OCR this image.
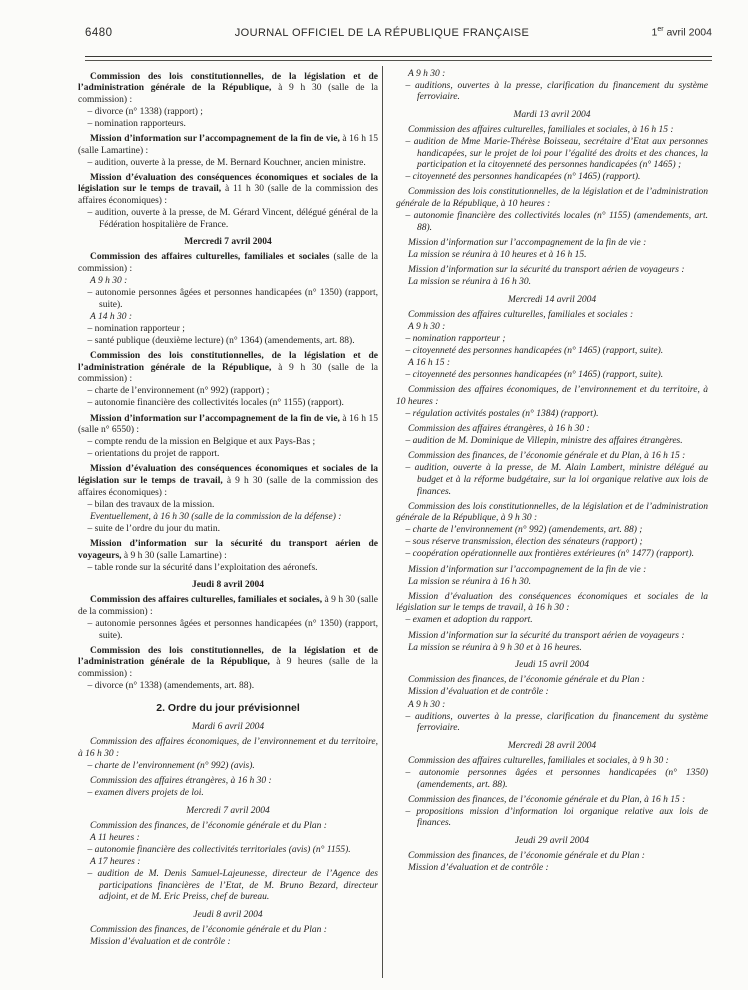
6480	JOURNAL OFFICIEL DE LA RÉPUBLIQUE FRANÇAISE	1er avril 2004

Commission des lois constitutionnelles, de la législation et de l’administration générale de la République, à 9 h 30 (salle de la commission) :

– divorce (n° 1338) (rapport) ;

– nomination rapporteurs.

Mission d’information sur l’accompagnement de la fin de vie, à 16 h 15 (salle Lamartine) :

– audition, ouverte à la presse, de M. Bernard Kouchner, ancien ministre.

Mission d’évaluation des conséquences économiques et sociales de la législation sur le temps de travail, à 11 h 30 (salle de la commission des affaires économiques) :

– audition, ouverte à la presse, de M. Gérard Vincent, délégué général de la Fédération hospitalière de France.

Mercredi 7 avril 2004

Commission des affaires culturelles, familiales et sociales (salle de la commission) :

A 9 h 30 :

– autonomie personnes âgées et personnes handicapées (n° 1350) (rapport, suite).

A 14 h 30 :

– nomination rapporteur ;

– santé publique (deuxième lecture) (n° 1364) (amendements, art. 88).

Commission des lois constitutionnelles, de la législation et de l’administration générale de la République, à 9 h 30 (salle de la commission) :

– charte de l’environnement (n° 992) (rapport) ;

– autonomie financière des collectivités locales (n° 1155) (rapport).

Mission d’information sur l’accompagnement de la fin de vie, à 16 h 15 (salle n° 6550) :

– compte rendu de la mission en Belgique et aux Pays-Bas ;

– orientations du projet de rapport.

Mission d’évaluation des conséquences économiques et sociales de la législation sur le temps de travail, à 9 h 30 (salle de la commission des affaires économiques) :

– bilan des travaux de la mission.

Eventuellement, à 16 h 30 (salle de la commission de la défense) :

– suite de l’ordre du jour du matin.

Mission d’information sur la sécurité du transport aérien de voyageurs, à 9 h 30 (salle Lamartine) :

– table ronde sur la sécurité dans l’exploitation des aéronefs.

Jeudi 8 avril 2004

Commission des affaires culturelles, familiales et sociales, à 9 h 30 (salle de la commission) :

– autonomie personnes âgées et personnes handicapées (n° 1350) (rapport, suite).

Commission des lois constitutionnelles, de la législation et de l’administration générale de la République, à 9 heures (salle de la commission) :

– divorce (n° 1338) (amendements, art. 88).

2. Ordre du jour prévisionnel

Mardi 6 avril 2004

Commission des affaires économiques, de l’environnement et du territoire, à 16 h 30 :

– charte de l’environnement (n° 992) (avis).

Commission des affaires étrangères, à 16 h 30 :

– examen divers projets de loi.

Mercredi 7 avril 2004

Commission des finances, de l’économie générale et du Plan :

A 11 heures :

– autonomie financière des collectivités territoriales (avis) (n° 1155).

A 17 heures :

– audition de M. Denis Samuel-Lajeunesse, directeur de l’Agence des participations financières de l’Etat, de M. Bruno Bezard, directeur adjoint, et de M. Eric Preiss, chef de bureau.

Jeudi 8 avril 2004

Commission des finances, de l’économie générale et du Plan :

Mission d’évaluation et de contrôle :

A 9 h 30 :

– auditions, ouvertes à la presse, clarification du financement du système ferroviaire.

Mardi 13 avril 2004

Commission des affaires culturelles, familiales et sociales, à 16 h 15 :

– audition de Mme Marie-Thérèse Boisseau, secrétaire d’Etat aux personnes handicapées, sur le projet de loi pour l’égalité des droits et des chances, la participation et la citoyenneté des personnes handicapées (n° 1465) ;

– citoyenneté des personnes handicapées (n° 1465) (rapport).

Commission des lois constitutionnelles, de la législation et de l’administration générale de la République, à 10 heures :

– autonomie financière des collectivités locales (n° 1155) (amendements, art. 88).

Mission d’information sur l’accompagnement de la fin de vie :

La mission se réunira à 10 heures et à 16 h 15.

Mission d’information sur la sécurité du transport aérien de voyageurs :

La mission se réunira à 16 h 30.

Mercredi 14 avril 2004

Commission des affaires culturelles, familiales et sociales :

A 9 h 30 :

– nomination rapporteur ;

– citoyenneté des personnes handicapées (n° 1465) (rapport, suite).

A 16 h 15 :

– citoyenneté des personnes handicapées (n° 1465) (rapport, suite).

Commission des affaires économiques, de l’environnement et du territoire, à 10 heures :

– régulation activités postales (n° 1384) (rapport).

Commission des affaires étrangères, à 16 h 30 :

– audition de M. Dominique de Villepin, ministre des affaires étrangères.

Commission des finances, de l’économie générale et du Plan, à 16 h 15 :

– audition, ouverte à la presse, de M. Alain Lambert, ministre délégué au budget et à la réforme budgétaire, sur la loi organique relative aux lois de finances.

Commission des lois constitutionnelles, de la législation et de l’administration générale de la République, à 9 h 30 :

– charte de l’environnement (n° 992) (amendements, art. 88) ;

– sous réserve transmission, élection des sénateurs (rapport) ;

– coopération opérationnelle aux frontières extérieures (n° 1477) (rapport).

Mission d’information sur l’accompagnement de la fin de vie :

La mission se réunira à 16 h 30.

Mission d’évaluation des conséquences économiques et sociales de la législation sur le temps de travail, à 16 h 30 :

– examen et adoption du rapport.

Mission d’information sur la sécurité du transport aérien de voyageurs :

La mission se réunira à 9 h 30 et à 16 heures.

Jeudi 15 avril 2004

Commission des finances, de l’économie générale et du Plan :

Mission d’évaluation et de contrôle :

A 9 h 30 :

– auditions, ouvertes à la presse, clarification du financement du système ferroviaire.

Mercredi 28 avril 2004

Commission des affaires culturelles, familiales et sociales, à 9 h 30 :

– autonomie personnes âgées et personnes handicapées (n° 1350) (amendements, art. 88).

Commission des finances, de l’économie générale et du Plan, à 16 h 15 :

– propositions mission d’information loi organique relative aux lois de finances.

Jeudi 29 avril 2004

Commission des finances, de l’économie générale et du Plan :

Mission d’évaluation et de contrôle :
